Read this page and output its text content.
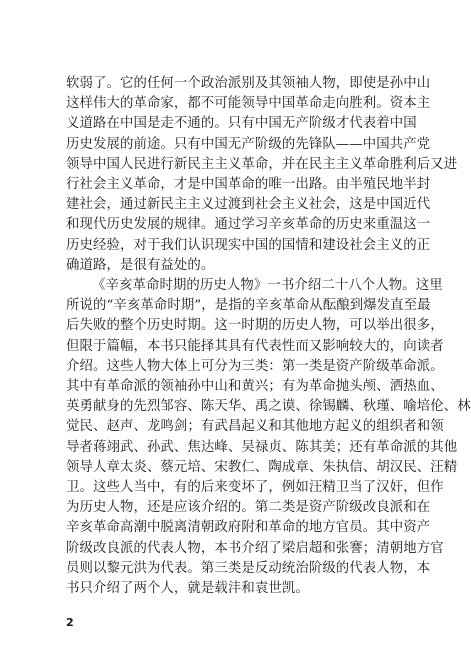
软弱了。它的任何一个政治派别及其领袖人物，即使是孙中山
这样伟大的革命家，都不可能领导中国革命走向胜利。资本主
义道路在中国是走不通的。只有中国无产阶级才代表着中国
历史发展的前途。只有中国无产阶级的先锋队——中国共产党
领导中国人民进行新民主主义革命，并在民主主义革命胜利后又进
行社会主义革命，才是中国革命的唯一出路。由半殖民地半封
建社会，通过新民主主义过渡到社会主义社会，这是中国近代
和现代历史发展的规律。通过学习辛亥革命的历史来重温这一
历史经验，对于我们认识现实中国的国情和建设社会主义的正
确道路，是很有益处的。
《辛亥革命时期的历史人物》一书介绍二十八个人物。这里
所说的“辛亥革命时期”，是指的辛亥革命从酝酿到爆发直至最
后失败的整个历史时期。这一时期的历史人物，可以举出很多，
但限于篇幅，本书只能择其具有代表性而又影响较大的，向读者
介绍。这些人物大体上可分为三类：第一类是资产阶级革命派。
其中有革命派的领袖孙中山和黄兴；有为革命抛头颅、洒热血、
英勇献身的先烈邹容、陈天华、禹之谟、徐锡麟、秋瑾、喻培伦、林
觉民、赵声、龙鸣剑；有武昌起义和其他地方起义的组织者和领
导者蒋翊武、孙武、焦达峰、吴禄贞、陈其美；还有革命派的其他
领导人章太炎、蔡元培、宋教仁、陶成章、朱执信、胡汉民、汪精
卫。这些人当中，有的后来变坏了，例如汪精卫当了汉奸，但作
为历史人物，还是应该介绍的。第二类是资产阶级改良派和在
辛亥革命高潮中脱离清朝政府附和革命的地方官员。其中资产
阶级改良派的代表人物，本书介绍了梁启超和张謇；清朝地方官
员则以黎元洪为代表。第三类是反动统治阶级的代表人物，本
书只介绍了两个人，就是载沣和袁世凯。
2
